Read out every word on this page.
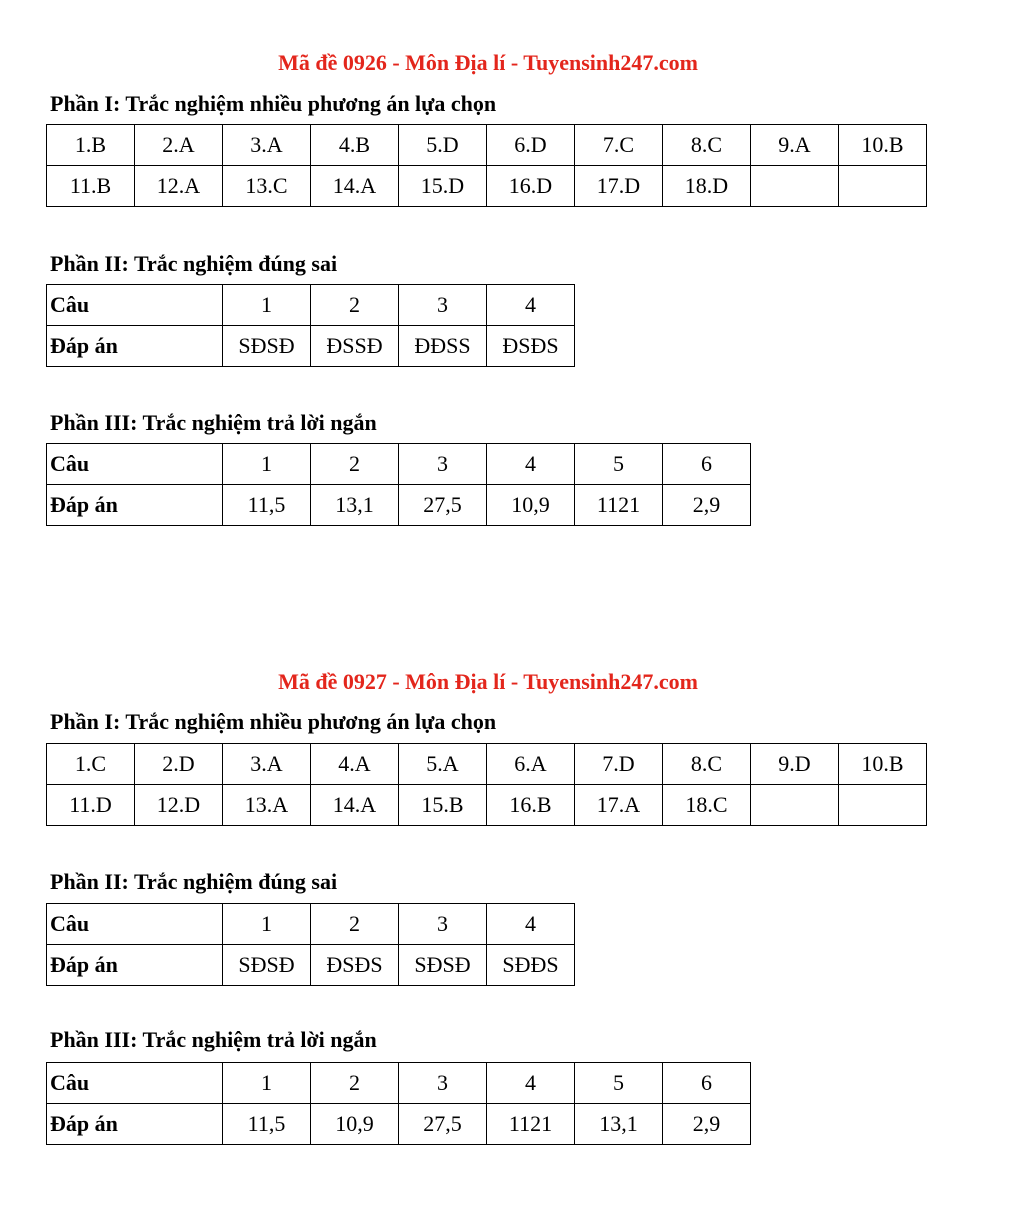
Mã đề 0926 - Môn Địa lí - Tuyensinh247.com
Phần I: Trắc nghiệm nhiều phương án lựa chọn
1.B	2.A	3.A	4.B	5.D	6.D	7.C	8.C	9.A	10.B
11.B	12.A	13.C	14.A	15.D	16.D	17.D	18.D		
Phần II: Trắc nghiệm đúng sai
Câu	1	2	3	4
Đáp án	SĐSĐ	ĐSSĐ	ĐĐSS	ĐSĐS
Phần III: Trắc nghiệm trả lời ngắn
Câu	1	2	3	4	5	6
Đáp án	11,5	13,1	27,5	10,9	1121	2,9
Mã đề 0927 - Môn Địa lí - Tuyensinh247.com
Phần I: Trắc nghiệm nhiều phương án lựa chọn
1.C	2.D	3.A	4.A	5.A	6.A	7.D	8.C	9.D	10.B
11.D	12.D	13.A	14.A	15.B	16.B	17.A	18.C		
Phần II: Trắc nghiệm đúng sai
Câu	1	2	3	4
Đáp án	SĐSĐ	ĐSĐS	SĐSĐ	SĐĐS
Phần III: Trắc nghiệm trả lời ngắn
Câu	1	2	3	4	5	6
Đáp án	11,5	10,9	27,5	1121	13,1	2,9
